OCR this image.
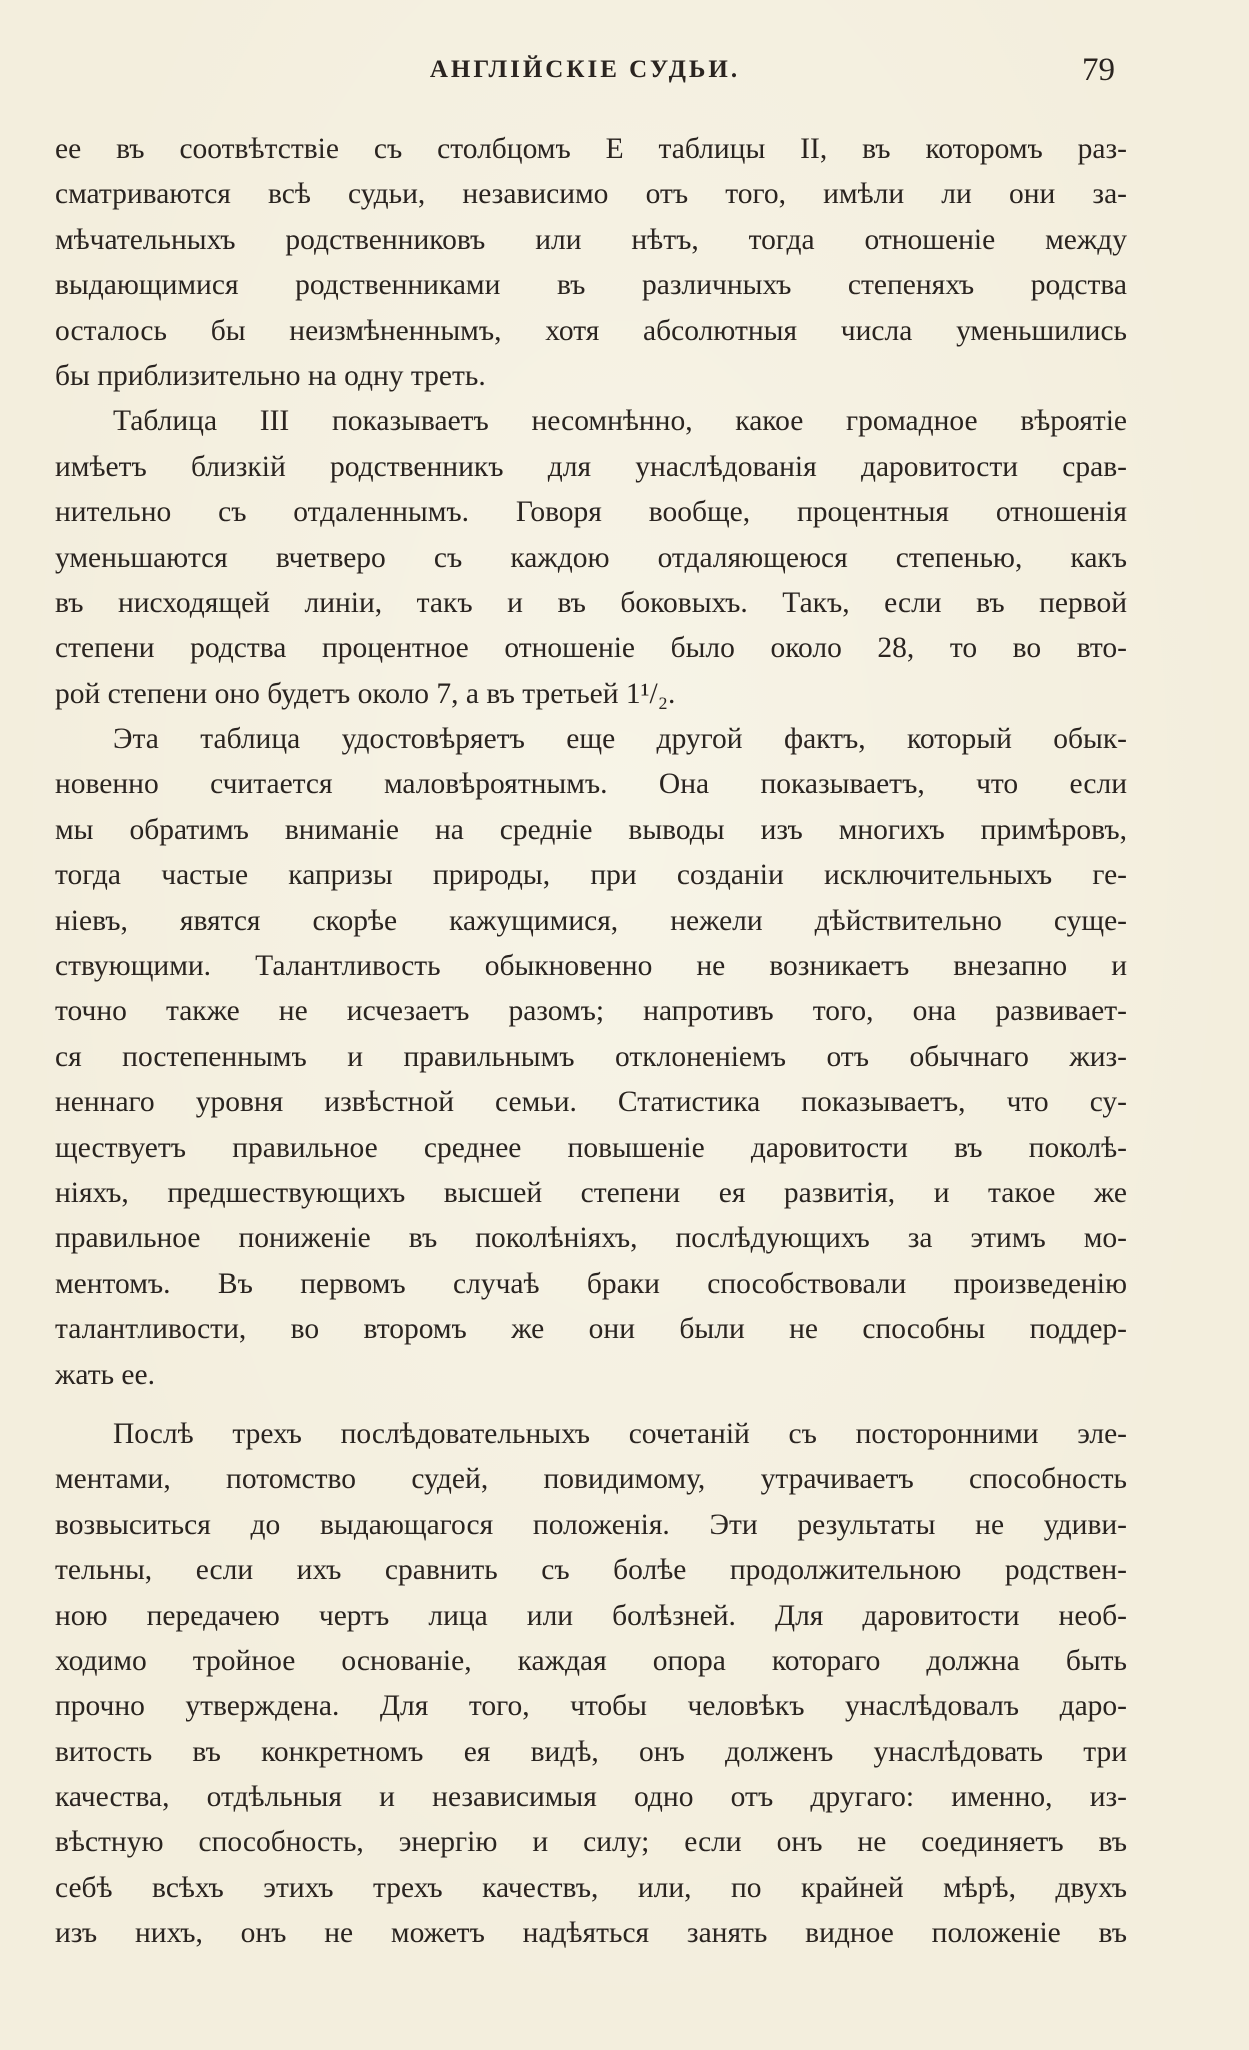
АНГЛІЙСКІЕ СУДЬИ.	79
ее въ соотвѣтствіе съ столбцомъ E таблицы II, въ которомъ раз-
сматриваются всѣ судьи, независимо отъ того, имѣли ли они за-
мѣчательныхъ родственниковъ или нѣтъ, тогда отношеніе между
выдающимися родственниками въ различныхъ степеняхъ родства
осталось бы неизмѣненнымъ, хотя абсолютныя числа уменьшились
бы приблизительно на одну треть.
Таблица III показываетъ несомнѣнно, какое громадное вѣроятіе
имѣетъ близкій родственникъ для унаслѣдованія даровитости срав-
нительно съ отдаленнымъ. Говоря вообще, процентныя отношенія
уменьшаются вчетверо съ каждою отдаляющеюся степенью, какъ
въ нисходящей линіи, такъ и въ боковыхъ. Такъ, если въ первой
степени родства процентное отношеніе было около 28, то во вто-
рой степени оно будетъ около 7, а въ третьей 1¹/₂.
Эта таблица удостовѣряетъ еще другой фактъ, который обык-
новенно считается маловѣроятнымъ. Она показываетъ, что если
мы обратимъ вниманіе на средніе выводы изъ многихъ примѣровъ,
тогда частые капризы природы, при созданіи исключительныхъ ге-
ніевъ, явятся скорѣе кажущимися, нежели дѣйствительно суще-
ствующими. Талантливость обыкновенно не возникаетъ внезапно и
точно также не исчезаетъ разомъ; напротивъ того, она развивает-
ся постепеннымъ и правильнымъ отклоненіемъ отъ обычнаго жиз-
неннаго уровня извѣстной семьи. Статистика показываетъ, что су-
ществуетъ правильное среднее повышеніе даровитости въ поколѣ-
ніяхъ, предшествующихъ высшей степени ея развитія, и такое же
правильное пониженіе въ поколѣніяхъ, послѣдующихъ за этимъ мо-
ментомъ. Въ первомъ случаѣ браки способствовали произведенію
талантливости, во второмъ же они были не способны поддер-
жать ее.
Послѣ трехъ послѣдовательныхъ сочетаній съ посторонними эле-
ментами, потомство судей, повидимому, утрачиваетъ способность
возвыситься до выдающагося положенія. Эти результаты не удиви-
тельны, если ихъ сравнить съ болѣе продолжительною родствен-
ною передачею чертъ лица или болѣзней. Для даровитости необ-
ходимо тройное основаніе, каждая опора котораго должна быть
прочно утверждена. Для того, чтобы человѣкъ унаслѣдовалъ даро-
витость въ конкретномъ ея видѣ, онъ долженъ унаслѣдовать три
качества, отдѣльныя и независимыя одно отъ другаго: именно, из-
вѣстную способность, энергію и силу; если онъ не соединяетъ въ
себѣ всѣхъ этихъ трехъ качествъ, или, по крайней мѣрѣ, двухъ
изъ нихъ, онъ не можетъ надѣяться занять видное положеніе въ
